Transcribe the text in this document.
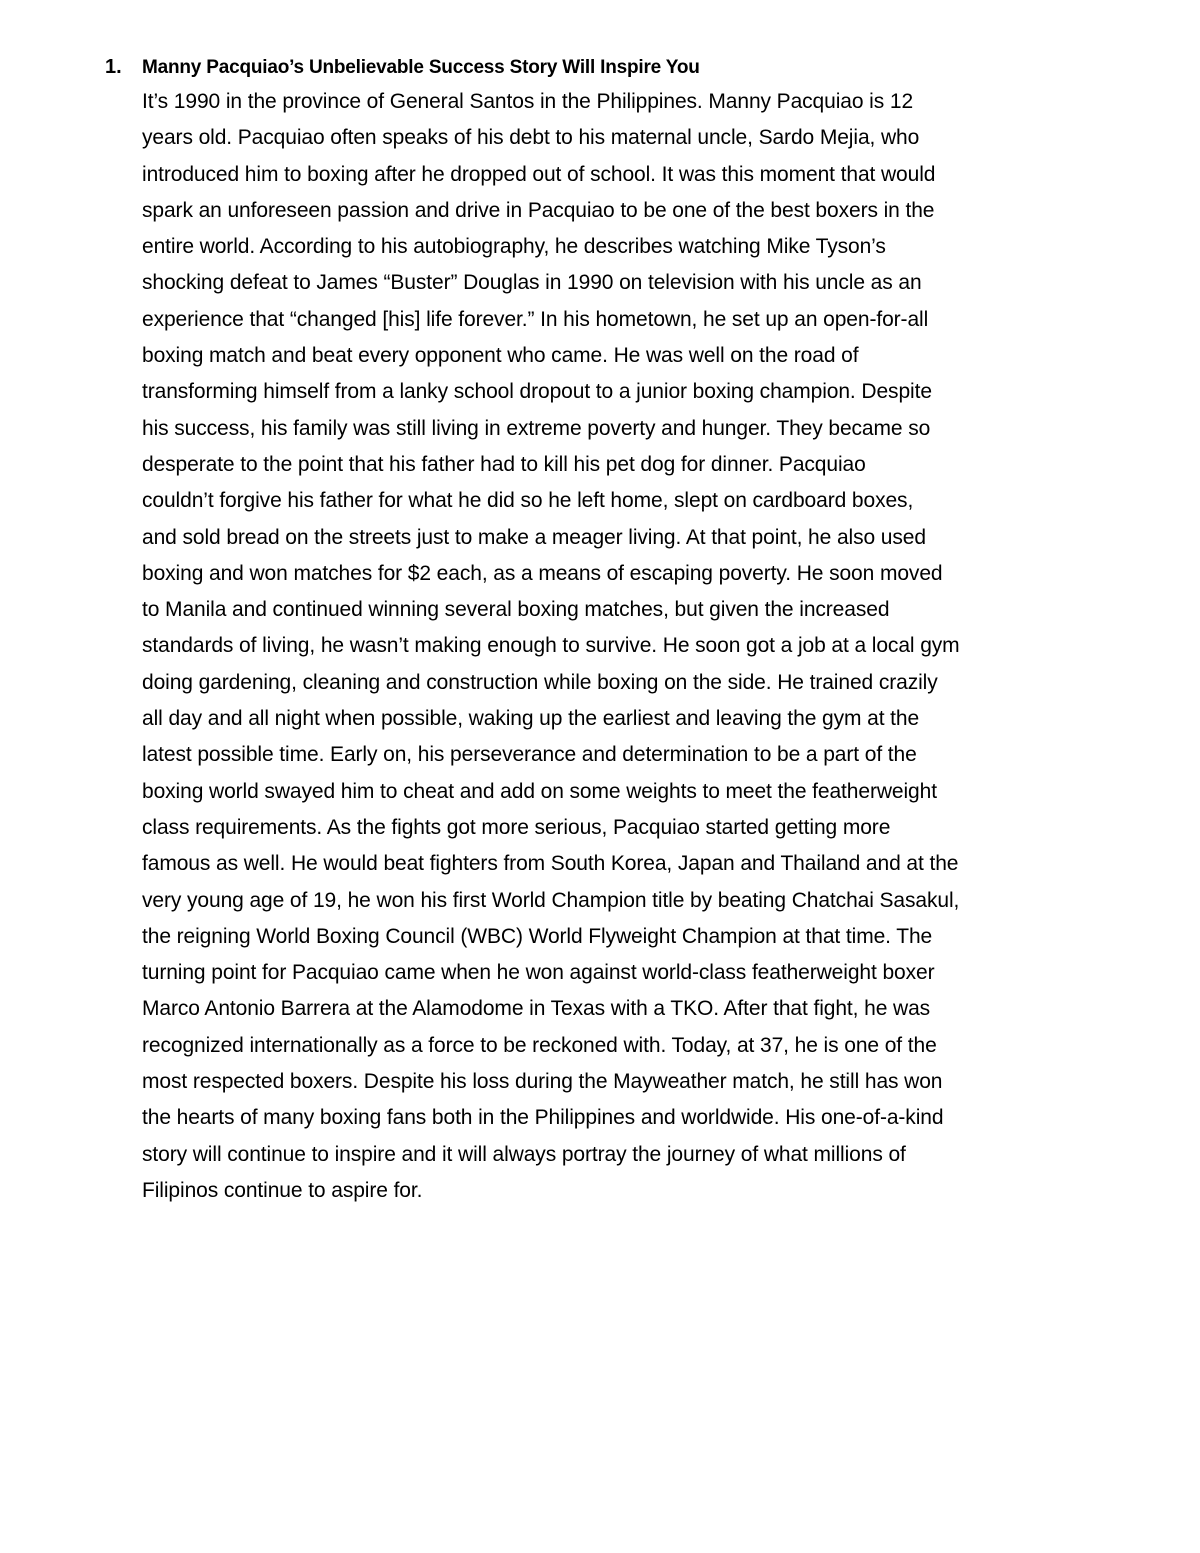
1.	Manny Pacquiao’s Unbelievable Success Story Will Inspire You

It’s 1990 in the province of General Santos in the Philippines. Manny Pacquiao is 12
years old. Pacquiao often speaks of his debt to his maternal uncle, Sardo Mejia, who
introduced him to boxing after he dropped out of school. It was this moment that would
spark an unforeseen passion and drive in Pacquiao to be one of the best boxers in the
entire world. According to his autobiography, he describes watching Mike Tyson’s
shocking defeat to James “Buster” Douglas in 1990 on television with his uncle as an
experience that “changed [his] life forever.” In his hometown, he set up an open-for-all
boxing match and beat every opponent who came. He was well on the road of
transforming himself from a lanky school dropout to a junior boxing champion. Despite
his success, his family was still living in extreme poverty and hunger. They became so
desperate to the point that his father had to kill his pet dog for dinner. Pacquiao
couldn’t forgive his father for what he did so he left home, slept on cardboard boxes,
and sold bread on the streets just to make a meager living. At that point, he also used
boxing and won matches for $2 each, as a means of escaping poverty. He soon moved
to Manila and continued winning several boxing matches, but given the increased
standards of living, he wasn’t making enough to survive. He soon got a job at a local gym
doing gardening, cleaning and construction while boxing on the side. He trained crazily
all day and all night when possible, waking up the earliest and leaving the gym at the
latest possible time. Early on, his perseverance and determination to be a part of the
boxing world swayed him to cheat and add on some weights to meet the featherweight
class requirements. As the fights got more serious, Pacquiao started getting more
famous as well. He would beat fighters from South Korea, Japan and Thailand and at the
very young age of 19, he won his first World Champion title by beating Chatchai Sasakul,
the reigning World Boxing Council (WBC) World Flyweight Champion at that time. The
turning point for Pacquiao came when he won against world-class featherweight boxer
Marco Antonio Barrera at the Alamodome in Texas with a TKO. After that fight, he was
recognized internationally as a force to be reckoned with. Today, at 37, he is one of the
most respected boxers. Despite his loss during the Mayweather match, he still has won
the hearts of many boxing fans both in the Philippines and worldwide. His one-of-a-kind
story will continue to inspire and it will always portray the journey of what millions of
Filipinos continue to aspire for.
